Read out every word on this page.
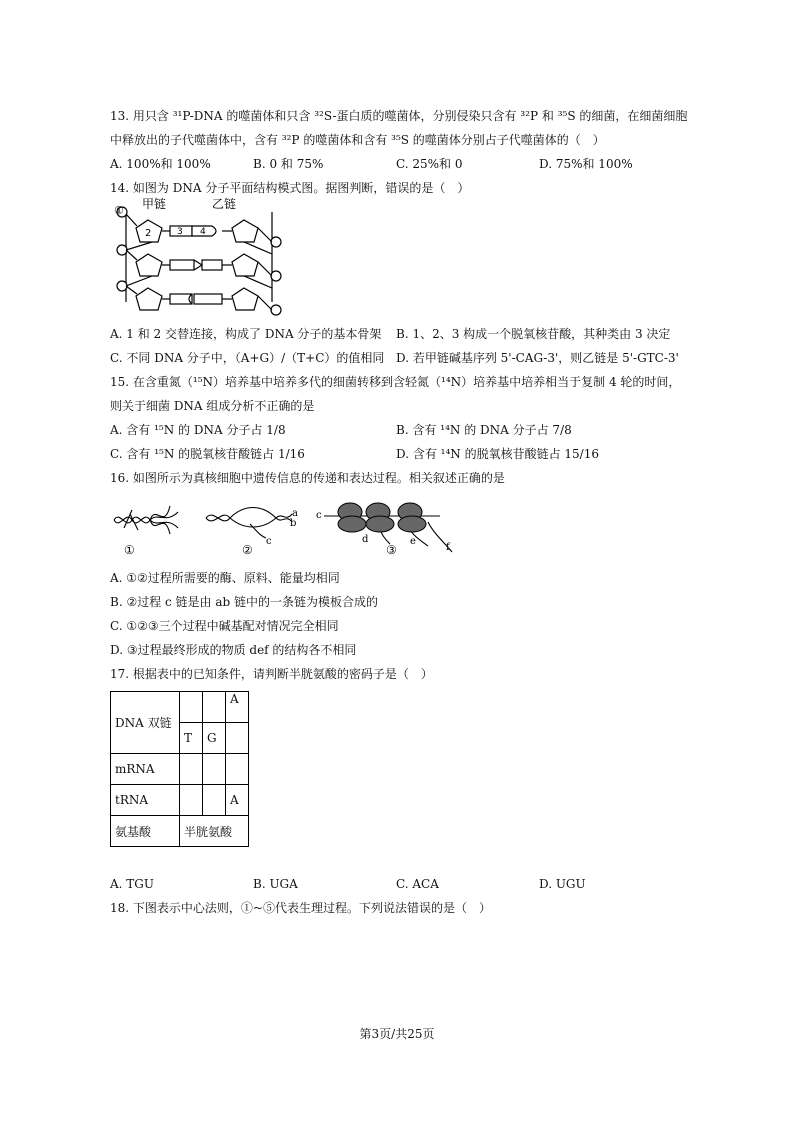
13. 用只含 ³¹P-DNA 的噬菌体和只含 ³²S-蛋白质的噬菌体，分别侵染只含有 ³²P 和 ³⁵S 的细菌，在细菌细胞

中释放出的子代噬菌体中，含有 ³²P 的噬菌体和含有 ³⁵S 的噬菌体分别占子代噬菌体的（　）

A. 100%和 100%	B. 0 和 75%	C. 25%和 0	D. 75%和 100%

14. 如图为 DNA 分子平面结构模式图。据图判断，错误的是（　）

① 甲链	乙链
2	3 4
A. 1 和 2 交替连接，构成了 DNA 分子的基本骨架	B. 1、2、3 构成一个脱氧核苷酸，其种类由 3 决定
C. 不同 DNA 分子中，（A+G）/（T+C）的值相同 D. 若甲链碱基序列 5'-CAG-3'，则乙链是 5'-GTC-3'

15. 在含重氮（¹⁵N）培养基中培养多代的细菌转移到含轻氮（¹⁴N）培养基中培养相当于复制 4 轮的时间，

则关于细菌 DNA 组成分析不正确的是

A. 含有 ¹⁵N 的 DNA 分子占 1/8	B. 含有 ¹⁴N 的 DNA 分子占 7/8
C. 含有 ¹⁵N 的脱氧核苷酸链占 1/16	D. 含有 ¹⁴N 的脱氧核苷酸链占 15/16

16. 如图所示为真核细胞中遗传信息的传递和表达过程。相关叙述正确的是

①	②	③
a
b
c
c
d	e
f

A. ①②过程所需要的酶、原料、能量均相同

B. ②过程 c 链是由 ab 链中的一条链为模板合成的

C. ①②③三个过程中碱基配对情况完全相同

D. ③过程最终形成的物质 def 的结构各不相同

17. 根据表中的已知条件，请判断半胱氨酸的密码子是（　）

DNA 双链			A
	T	G	
mRNA			
tRNA			A
氨基酸	半胱氨酸		
A. TGU	B. UGA	C. ACA	D. UGU

18. 下图表示中心法则，①~⑤代表生理过程。下列说法错误的是（　）

第3页/共25页
